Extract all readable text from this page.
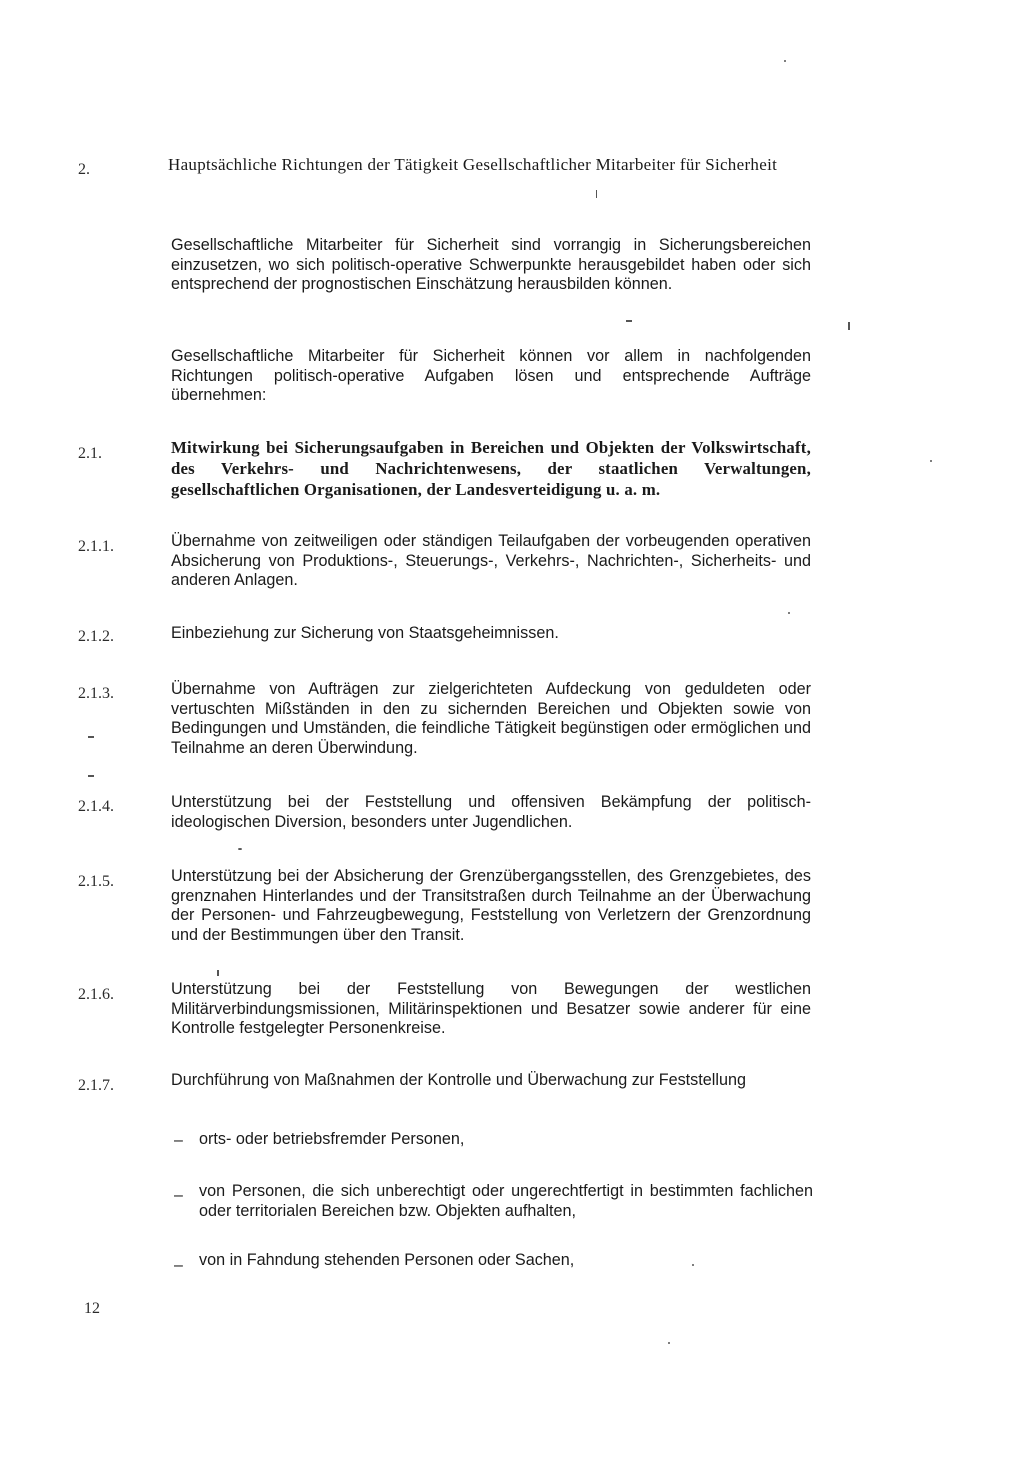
2.	Hauptsächliche Richtungen der Tätigkeit Gesellschaftlicher Mitarbeiter für Sicherheit
Gesellschaftliche Mitarbeiter für Sicherheit sind vorrangig in Sicherungsbereichen einzusetzen, wo sich politisch-operative Schwerpunkte herausgebildet haben oder sich entsprechend der prognostischen Einschätzung herausbilden können.
Gesellschaftliche Mitarbeiter für Sicherheit können vor allem in nachfolgenden Richtungen politisch-operative Aufgaben lösen und entsprechende Aufträge übernehmen:
2.1.	Mitwirkung bei Sicherungsaufgaben in Bereichen und Objekten der Volkswirtschaft, des Verkehrs- und Nachrichtenwesens, der staatlichen Verwaltungen, gesellschaftlichen Organisationen, der Landesverteidigung u. a. m.
2.1.1.	Übernahme von zeitweiligen oder ständigen Teilaufgaben der vorbeugenden operativen Absicherung von Produktions-, Steuerungs-, Verkehrs-, Nachrichten-, Sicherheits- und anderen Anlagen.
2.1.2.	Einbeziehung zur Sicherung von Staatsgeheimnissen.
2.1.3.	Übernahme von Aufträgen zur zielgerichteten Aufdeckung von geduldeten oder vertuschten Mißständen in den zu sichernden Bereichen und Objekten sowie von Bedingungen und Umständen, die feindliche Tätigkeit begünstigen oder ermöglichen und Teilnahme an deren Überwindung.
2.1.4.	Unterstützung bei der Feststellung und offensiven Bekämpfung der politisch-ideologischen Diversion, besonders unter Jugendlichen.
2.1.5.	Unterstützung bei der Absicherung der Grenzübergangsstellen, des Grenzgebietes, des grenznahen Hinterlandes und der Transitstraßen durch Teilnahme an der Überwachung der Personen- und Fahrzeugbewegung, Feststellung von Verletzern der Grenzordnung und der Bestimmungen über den Transit.
2.1.6.	Unterstützung bei der Feststellung von Bewegungen der westlichen Militärverbindungsmissionen, Militärinspektionen und Besatzer sowie anderer für eine Kontrolle festgelegter Personenkreise.
2.1.7.	Durchführung von Maßnahmen der Kontrolle und Überwachung zur Feststellung
– orts- oder betriebsfremder Personen,
– von Personen, die sich unberechtigt oder ungerechtfertigt in bestimmten fachlichen oder territorialen Bereichen bzw. Objekten aufhalten,
– von in Fahndung stehenden Personen oder Sachen,
12
